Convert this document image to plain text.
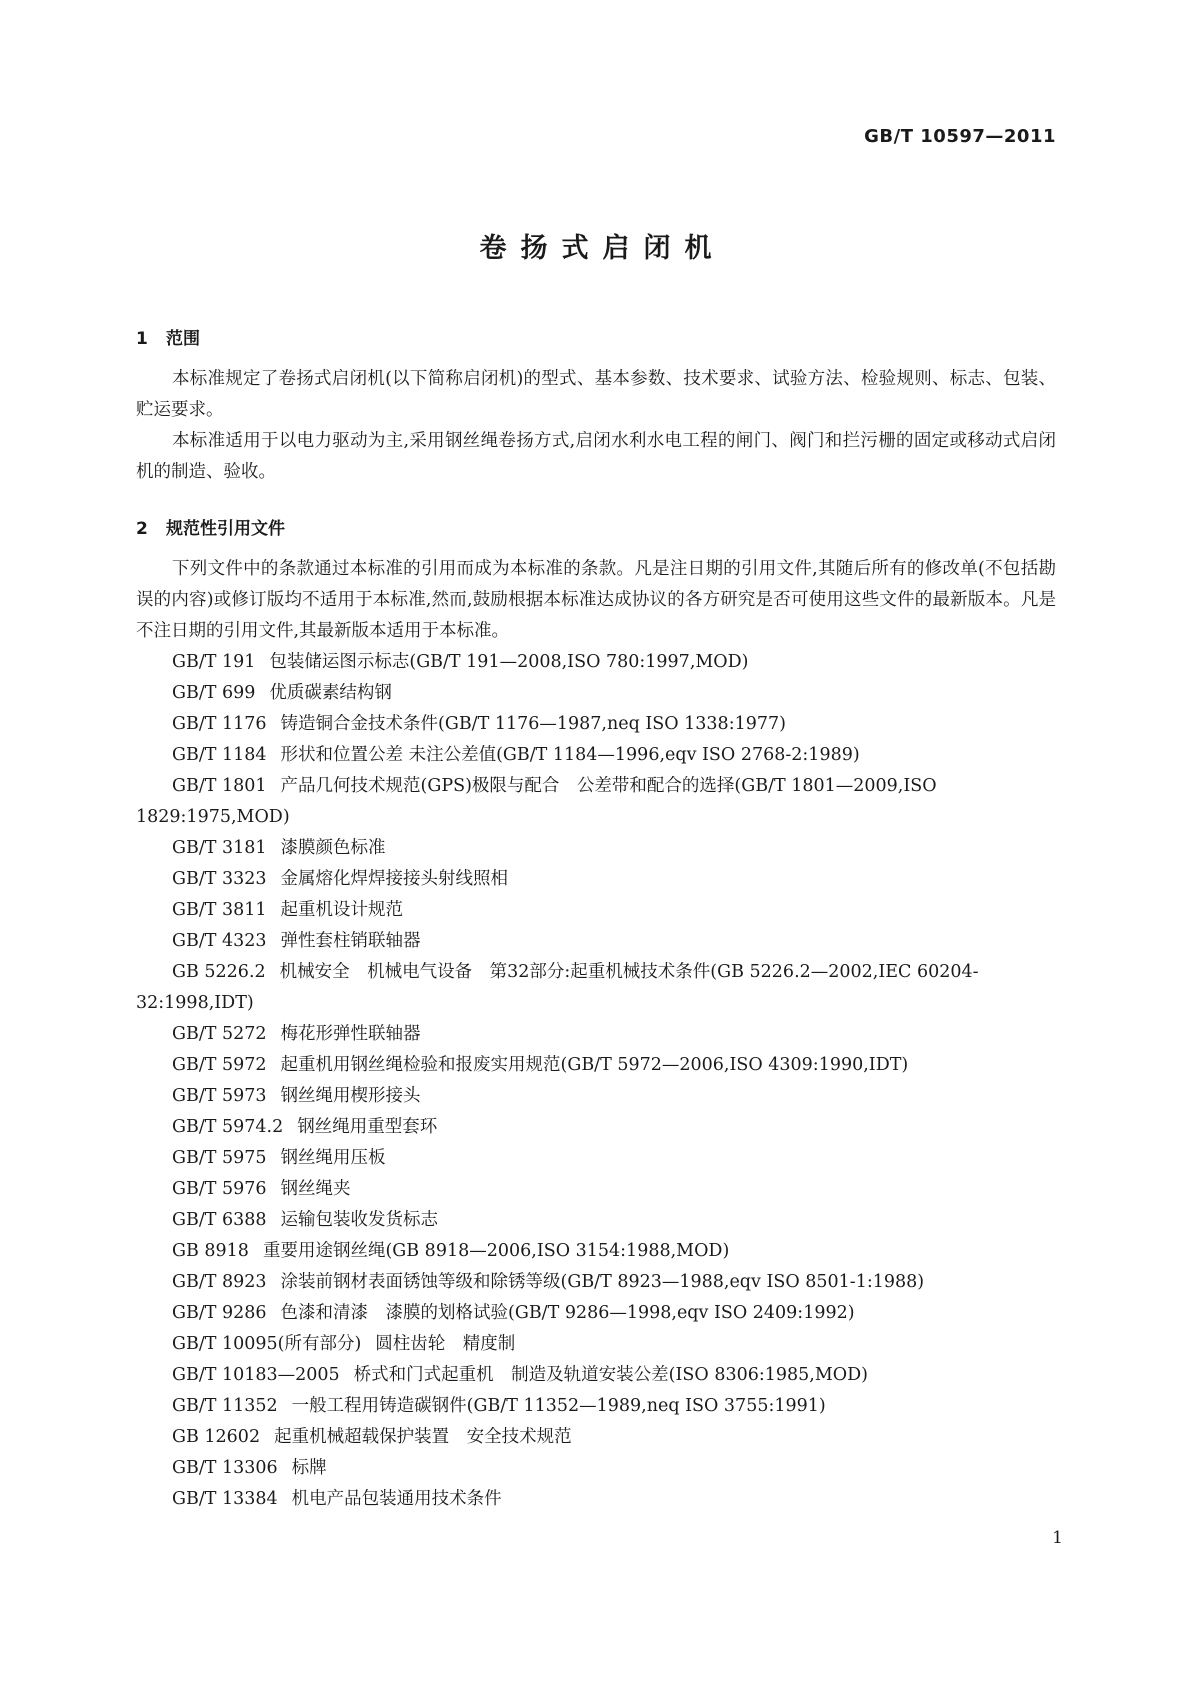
GB/T 10597—2011
卷扬式启闭机
1 范围

本标准规定了卷扬式启闭机(以下简称启闭机)的型式、基本参数、技术要求、试验方法、检验规则、标志、包装、贮运要求。

本标准适用于以电力驱动为主,采用钢丝绳卷扬方式,启闭水利水电工程的闸门、阀门和拦污栅的固定或移动式启闭机的制造、验收。

2 规范性引用文件

下列文件中的条款通过本标准的引用而成为本标准的条款。凡是注日期的引用文件,其随后所有的修改单(不包括勘误的内容)或修订版均不适用于本标准,然而,鼓励根据本标准达成协议的各方研究是否可使用这些文件的最新版本。凡是不注日期的引用文件,其最新版本适用于本标准。

GB/T 191 包装储运图示标志(GB/T 191—2008,ISO 780:1997,MOD)

GB/T 699 优质碳素结构钢

GB/T 1176 铸造铜合金技术条件(GB/T 1176—1987,neq ISO 1338:1977)

GB/T 1184 形状和位置公差 未注公差值(GB/T 1184—1996,eqv ISO 2768-2:1989)

GB/T 1801 产品几何技术规范(GPS)极限与配合　公差带和配合的选择(GB/T 1801—2009,ISO 1829:1975,MOD)

GB/T 3181 漆膜颜色标准

GB/T 3323 金属熔化焊焊接接头射线照相

GB/T 3811 起重机设计规范

GB/T 4323 弹性套柱销联轴器

GB 5226.2 机械安全　机械电气设备　第32部分:起重机械技术条件(GB 5226.2—2002,IEC 60204-32:1998,IDT)

GB/T 5272 梅花形弹性联轴器

GB/T 5972 起重机用钢丝绳检验和报废实用规范(GB/T 5972—2006,ISO 4309:1990,IDT)

GB/T 5973 钢丝绳用楔形接头

GB/T 5974.2 钢丝绳用重型套环

GB/T 5975 钢丝绳用压板

GB/T 5976 钢丝绳夹

GB/T 6388 运输包装收发货标志

GB 8918 重要用途钢丝绳(GB 8918—2006,ISO 3154:1988,MOD)

GB/T 8923 涂装前钢材表面锈蚀等级和除锈等级(GB/T 8923—1988,eqv ISO 8501-1:1988)

GB/T 9286 色漆和清漆　漆膜的划格试验(GB/T 9286—1998,eqv ISO 2409:1992)

GB/T 10095(所有部分) 圆柱齿轮　精度制

GB/T 10183—2005 桥式和门式起重机　制造及轨道安装公差(ISO 8306:1985,MOD)

GB/T 11352 一般工程用铸造碳钢件(GB/T 11352—1989,neq ISO 3755:1991)

GB 12602 起重机械超载保护装置　安全技术规范

GB/T 13306 标牌

GB/T 13384 机电产品包装通用技术条件

1
